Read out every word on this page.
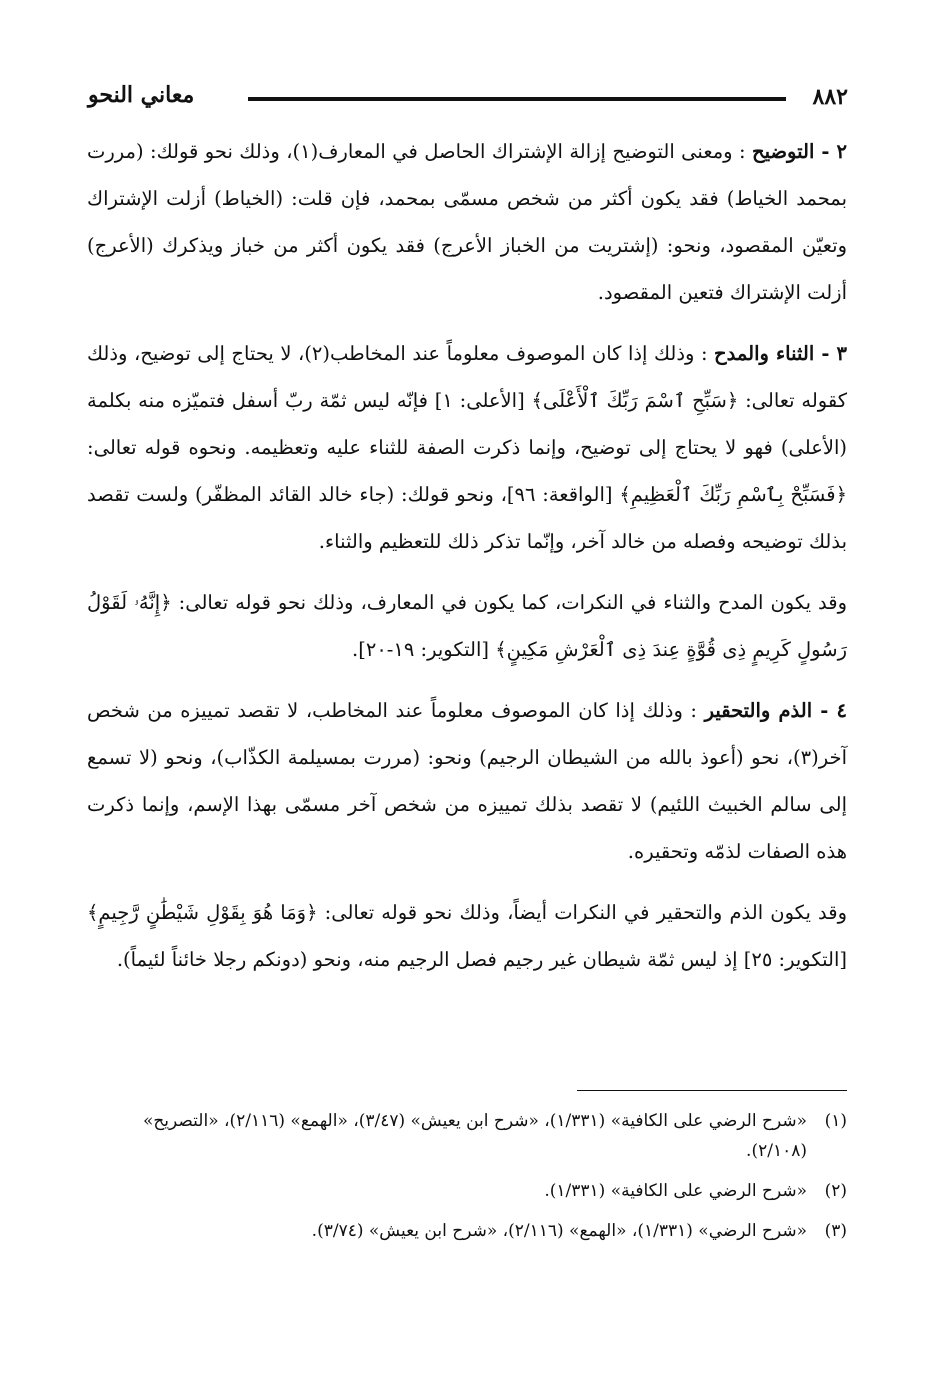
٨٨٢
معاني النحو

٢ - التوضيح : ومعنى التوضيح إزالة الإشتراك الحاصل في المعارف(١)، وذلك نحو قولك: (مررت بمحمد الخياط) فقد يكون أكثر من شخص مسمّى بمحمد، فإن قلت: (الخياط) أزلت الإشتراك وتعيّن المقصود، ونحو: (إشتريت من الخباز الأعرج) فقد يكون أكثر من خباز ويذكرك (الأعرج) أزلت الإشتراك فتعين المقصود.

٣ - الثناء والمدح : وذلك إذا كان الموصوف معلوماً عند المخاطب(٢)، لا يحتاج إلى توضيح، وذلك كقوله تعالى: ﴿سَبِّحِ ٱسْمَ رَبِّكَ ٱلْأَعْلَى﴾ [الأعلى: ١] فإنّه ليس ثمّة ربّ أسفل فتميّزه منه بكلمة (الأعلى) فهو لا يحتاج إلى توضيح، وإنما ذكرت الصفة للثناء عليه وتعظيمه. ونحوه قوله تعالى: ﴿فَسَبِّحْ بِٱسْمِ رَبِّكَ ٱلْعَظِيمِ﴾ [الواقعة: ٩٦]، ونحو قولك: (جاء خالد القائد المظفّر) ولست تقصد بذلك توضيحه وفصله من خالد آخر، وإنّما تذكر ذلك للتعظيم والثناء.

وقد يكون المدح والثناء في النكرات، كما يكون في المعارف، وذلك نحو قوله تعالى: ﴿إِنَّهُۥ لَقَوْلُ رَسُولٍ كَرِيمٍ ذِى قُوَّةٍ عِندَ ذِى ٱلْعَرْشِ مَكِينٍ﴾ [التكوير: ١٩-٢٠].

٤ - الذم والتحقير : وذلك إذا كان الموصوف معلوماً عند المخاطب، لا تقصد تمييزه من شخص آخر(٣)، نحو (أعوذ بالله من الشيطان الرجيم) ونحو: (مررت بمسيلمة الكذّاب)، ونحو (لا تسمع إلى سالم الخبيث اللئيم) لا تقصد بذلك تمييزه من شخص آخر مسمّى بهذا الإسم، وإنما ذكرت هذه الصفات لذمّه وتحقيره.

وقد يكون الذم والتحقير في النكرات أيضاً، وذلك نحو قوله تعالى: ﴿وَمَا هُوَ بِقَوْلِ شَيْطَٰنٍ رَّجِيمٍ﴾ [التكوير: ٢٥] إذ ليس ثمّة شيطان غير رجيم فصل الرجيم منه، ونحو (دونكم رجلا خائناً لئيماً).

(١)
«شرح الرضي على الكافية» (١/٣٣١)، «شرح ابن يعيش» (٣/٤٧)، «الهمع» (٢/١١٦)، «التصريح» (٢/١٠٨).

(٢)
«شرح الرضي على الكافية» (١/٣٣١).

(٣)
«شرح الرضي» (١/٣٣١)، «الهمع» (٢/١١٦)، «شرح ابن يعيش» (٣/٧٤).
